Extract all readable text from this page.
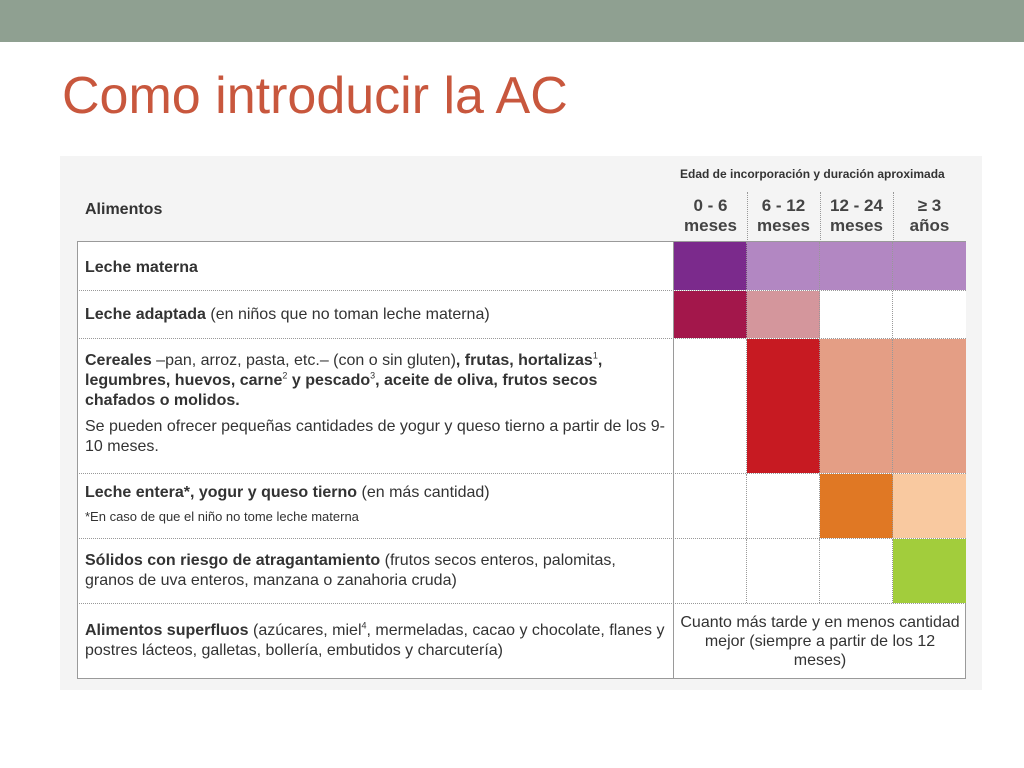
Como introducir la AC
Edad de incorporación y duración aproximada
Alimentos	0 - 6
meses
6 - 12
meses
12 - 24
meses
≥ 3
años
Leche materna
Leche adaptada (en niños que no toman leche materna)
Cereales –pan, arroz, pasta, etc.– (con o sin gluten), frutas, hortalizas$^1$, legumbres, huevos, carne$^2$ y pescado$^3$, aceite de oliva, frutos secos chafados o molidos.
Se pueden ofrecer pequeñas cantidades de yogur y queso tierno a partir de los 9-10 meses.
Leche entera*, yogur y queso tierno (en más cantidad)
*En caso de que el niño no tome leche materna
Sólidos con riesgo de atragantamiento (frutos secos enteros, palomitas, granos de uva enteros, manzana o zanahoria cruda)
Alimentos superfluos (azúcares, miel$^4$, mermeladas, cacao y chocolate, flanes y postres lácteos, galletas, bollería, embutidos y charcutería)
Cuanto más tarde y en menos cantidad mejor (siempre a partir de los 12 meses)
